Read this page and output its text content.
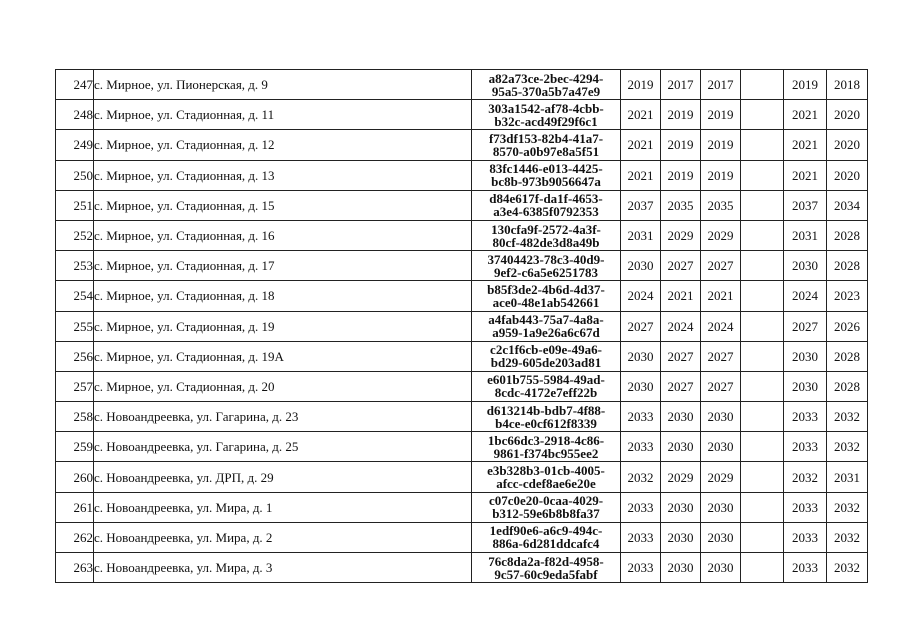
247	с. Мирное, ул. Пионерская, д. 9	a82a73ce-2bec-4294-
95a5-370a5b7a47e9	2019	2017	2017		2019	2018
248	с. Мирное, ул. Стадионная, д. 11	303a1542-af78-4cbb-
b32c-acd49f29f6c1	2021	2019	2019		2021	2020
249	с. Мирное, ул. Стадионная, д. 12	f73df153-82b4-41a7-
8570-a0b97e8a5f51	2021	2019	2019		2021	2020
250	с. Мирное, ул. Стадионная, д. 13	83fc1446-e013-4425-
bc8b-973b9056647a	2021	2019	2019		2021	2020
251	с. Мирное, ул. Стадионная, д. 15	d84e617f-da1f-4653-
a3e4-6385f0792353	2037	2035	2035		2037	2034
252	с. Мирное, ул. Стадионная, д. 16	130cfa9f-2572-4a3f-
80cf-482de3d8a49b	2031	2029	2029		2031	2028
253	с. Мирное, ул. Стадионная, д. 17	37404423-78c3-40d9-
9ef2-c6a5e6251783	2030	2027	2027		2030	2028
254	с. Мирное, ул. Стадионная, д. 18	b85f3de2-4b6d-4d37-
ace0-48e1ab542661	2024	2021	2021		2024	2023
255	с. Мирное, ул. Стадионная, д. 19	a4fab443-75a7-4a8a-
a959-1a9e26a6c67d	2027	2024	2024		2027	2026
256	с. Мирное, ул. Стадионная, д. 19А	c2c1f6cb-e09e-49a6-
bd29-605de203ad81	2030	2027	2027		2030	2028
257	с. Мирное, ул. Стадионная, д. 20	e601b755-5984-49ad-
8cdc-4172e7eff22b	2030	2027	2027		2030	2028
258	с. Новоандреевка, ул. Гагарина, д. 23	d613214b-bdb7-4f88-
b4ce-e0cf612f8339	2033	2030	2030		2033	2032
259	с. Новоандреевка, ул. Гагарина, д. 25	1bc66dc3-2918-4c86-
9861-f374bc955ee2	2033	2030	2030		2033	2032
260	с. Новоандреевка, ул. ДРП, д. 29	e3b328b3-01cb-4005-
afcc-cdef8ae6e20e	2032	2029	2029		2032	2031
261	с. Новоандреевка, ул. Мира, д. 1	c07c0e20-0caa-4029-
b312-59e6b8b8fa37	2033	2030	2030		2033	2032
262	с. Новоандреевка, ул. Мира, д. 2	1edf90e6-a6c9-494c-
886a-6d281ddcafc4	2033	2030	2030		2033	2032
263	с. Новоандреевка, ул. Мира, д. 3	76c8da2a-f82d-4958-
9c57-60c9eda5fabf	2033	2030	2030		2033	2032
